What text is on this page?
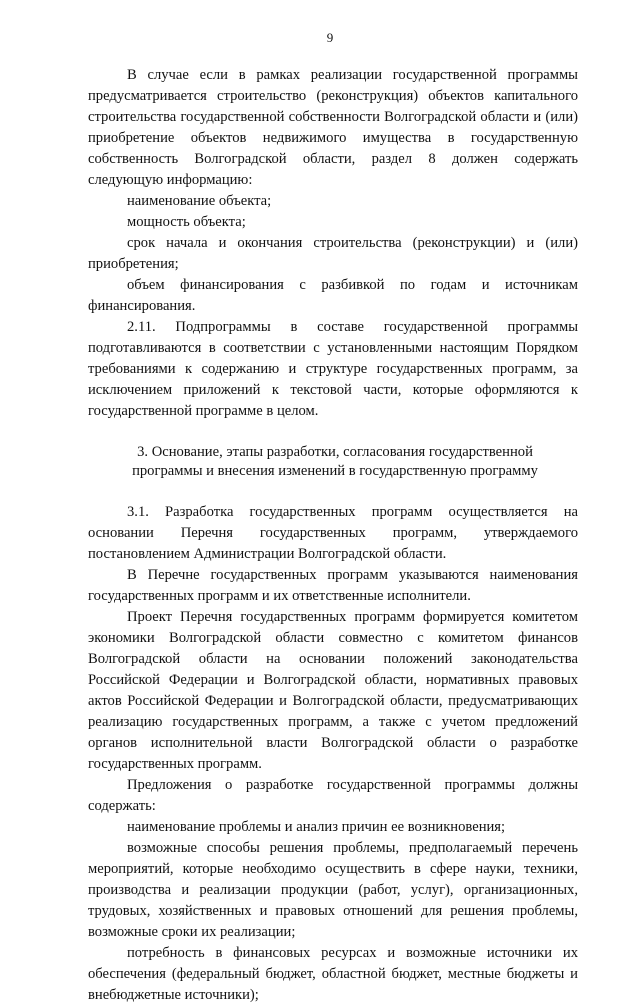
9

В случае если в рамках реализации государственной программы предусматривается строительство (реконструкция) объектов капитального строительства государственной собственности Волгоградской области и (или) приобретение объектов недвижимого имущества в государственную собственность Волгоградской области, раздел 8 должен содержать следующую информацию:

наименование объекта;

мощность объекта;

срок начала и окончания строительства (реконструкции) и (или) приобретения;

объем финансирования с разбивкой по годам и источникам финансирования.

2.11. Подпрограммы в составе государственной программы подготавливаются в соответствии с установленными настоящим Порядком требованиями к содержанию и структуре государственных программ, за исключением приложений к текстовой части, которые оформляются к государственной программе в целом.

3. Основание, этапы разработки, согласования государственной
программы и внесения изменений в государственную программу

3.1. Разработка государственных программ осуществляется на основании Перечня государственных программ, утверждаемого постановлением Администрации Волгоградской области.

В Перечне государственных программ указываются наименования государственных программ и их ответственные исполнители.

Проект Перечня государственных программ формируется комитетом экономики Волгоградской области совместно с комитетом финансов Волгоградской области на основании положений законодательства Российской Федерации и Волгоградской области, нормативных правовых актов Российской Федерации и Волгоградской области, предусматривающих реализацию государственных программ, а также с учетом предложений органов исполнительной власти Волгоградской области о разработке государственных программ.

Предложения о разработке государственной программы должны содержать:

наименование проблемы и анализ причин ее возникновения;

возможные способы решения проблемы, предполагаемый перечень мероприятий, которые необходимо осуществить в сфере науки, техники, производства и реализации продукции (работ, услуг), организационных, трудовых, хозяйственных и правовых отношений для решения проблемы, возможные сроки их реализации;

потребность в финансовых ресурсах и возможные источники их обеспечения (федеральный бюджет, областной бюджет, местные бюджеты и внебюджетные источники);
